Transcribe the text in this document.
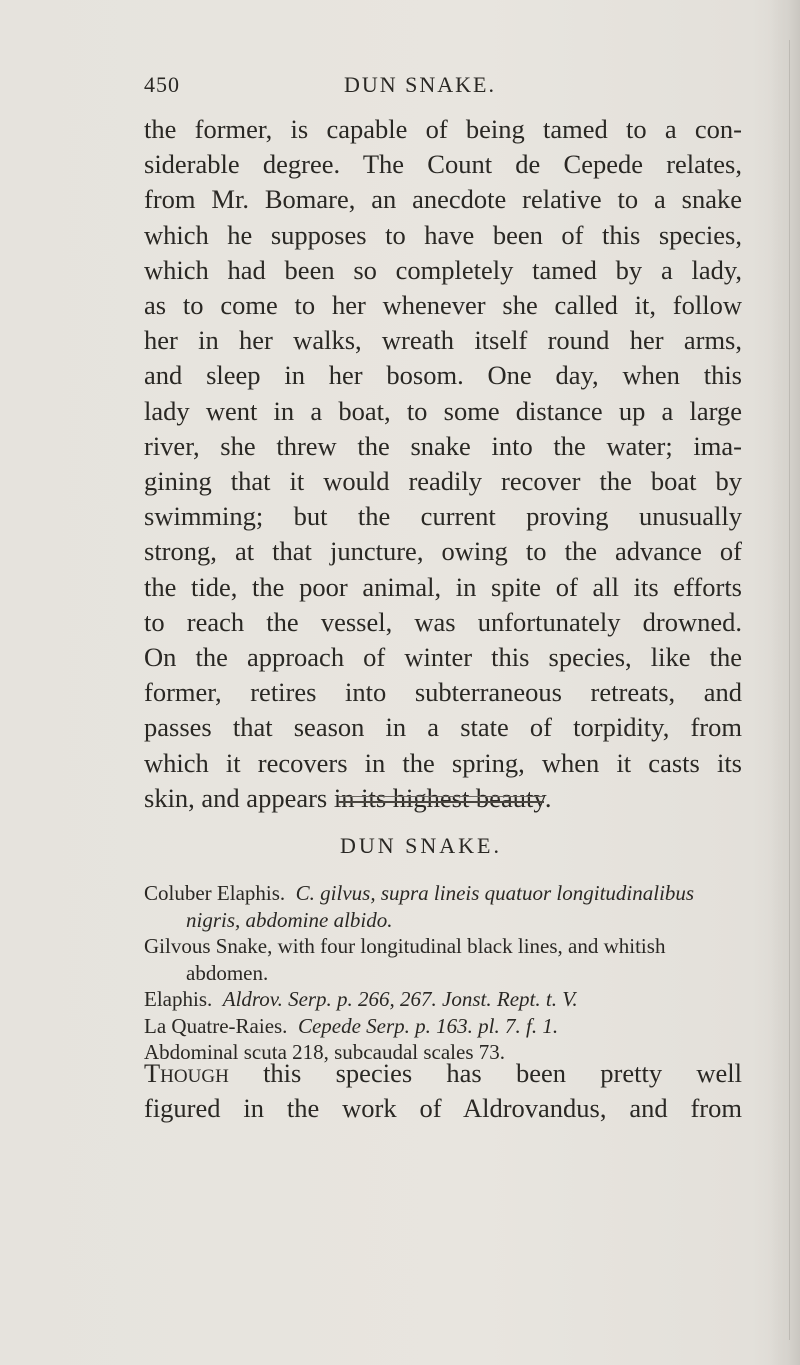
450	DUN SNAKE.

the former, is capable of being tamed to a con-
siderable degree. The Count de Cepede relates,
from Mr. Bomare, an anecdote relative to a snake
which he supposes to have been of this species,
which had been so completely tamed by a lady,
as to come to her whenever she called it, follow
her in her walks, wreath itself round her arms,
and sleep in her bosom. One day, when this
lady went in a boat, to some distance up a large
river, she threw the snake into the water; ima-
gining that it would readily recover the boat by
swimming; but the current proving unusually
strong, at that juncture, owing to the advance of
the tide, the poor animal, in spite of all its efforts
to reach the vessel, was unfortunately drowned.
On the approach of winter this species, like the
former, retires into subterraneous retreats, and
passes that season in a state of torpidity, from
which it recovers in the spring, when it casts its
skin, and appears in its highest beauty.

DUN SNAKE.
Coluber Elaphis. C. gilvus, supra lineis quatuor longitudinalibus
nigris, abdomine albido.
Gilvous Snake, with four longitudinal black lines, and whitish
abdomen.
Elaphis. Aldrov. Serp. p. 266, 267. Jonst. Rept. t. V.
La Quatre-Raies. Cepede Serp. p. 163. pl. 7. f. 1.
Abdominal scuta 218, subcaudal scales 73.
Though this species has been pretty well
figured in the work of Aldrovandus, and from
